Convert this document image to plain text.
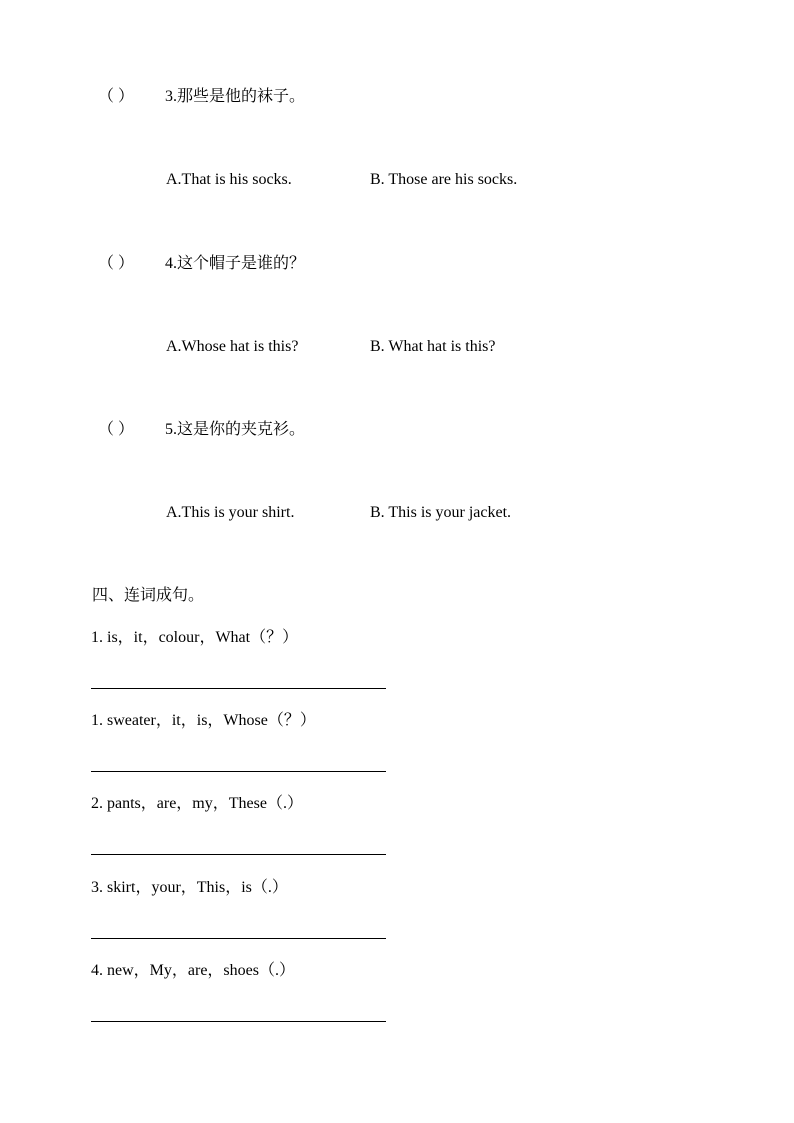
（ ） 3.那些是他的袜子。
A.That is his socks.	B. Those are his socks.
（ ） 4.这个帽子是谁的？
A.Whose hat is this?	B. What hat is this?
（ ） 5.这是你的夹克衫。
A.This is your shirt.	B. This is your jacket.
四、连词成句。
1. is，it，colour，What（？）
1. sweater，it，is，Whose（？）
2. pants，are，my，These（.）
3. skirt，your，This，is（.）
4. new，My，are，shoes（.）
